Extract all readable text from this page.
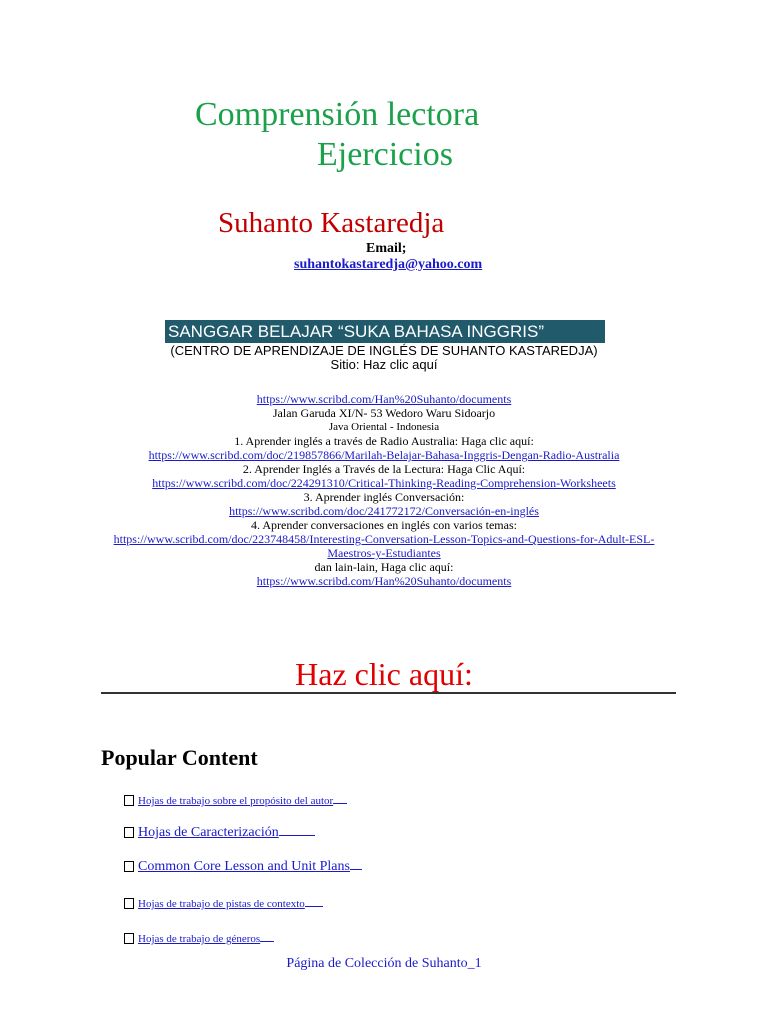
Comprensión lectora
Ejercicios
Suhanto Kastaredja
Email;
suhantokastaredja@yahoo.com
SANGGAR BELAJAR “SUKA BAHASA INGGRIS”
(CENTRO DE APRENDIZAJE DE INGLÉS DE SUHANTO KASTAREDJA)
Sitio: Haz clic aquí
https://www.scribd.com/Han%20Suhanto/documents
Jalan Garuda XI/N- 53 Wedoro Waru Sidoarjo
Java Oriental - Indonesia
1. Aprender inglés a través de Radio Australia: Haga clic aquí:
https://www.scribd.com/doc/219857866/Marilah-Belajar-Bahasa-Inggris-Dengan-Radio-Australia
2. Aprender Inglés a Través de la Lectura: Haga Clic Aquí:
https://www.scribd.com/doc/224291310/Critical-Thinking-Reading-Comprehension-Worksheets
3. Aprender inglés Conversación:
https://www.scribd.com/doc/241772172/Conversación-en-inglés
4. Aprender conversaciones en inglés con varios temas:
https://www.scribd.com/doc/223748458/Interesting-Conversation-Lesson-Topics-and-Questions-for-Adult-ESL-
Maestros-y-Estudiantes
dan lain-lain, Haga clic aquí:
https://www.scribd.com/Han%20Suhanto/documents
Haz clic aquí:
Popular Content
Hojas de trabajo sobre el propósito del autor
Hojas de Caracterización
Common Core Lesson and Unit Plans
Hojas de trabajo de pistas de contexto
Hojas de trabajo de géneros
Página de Colección de Suhanto_1
